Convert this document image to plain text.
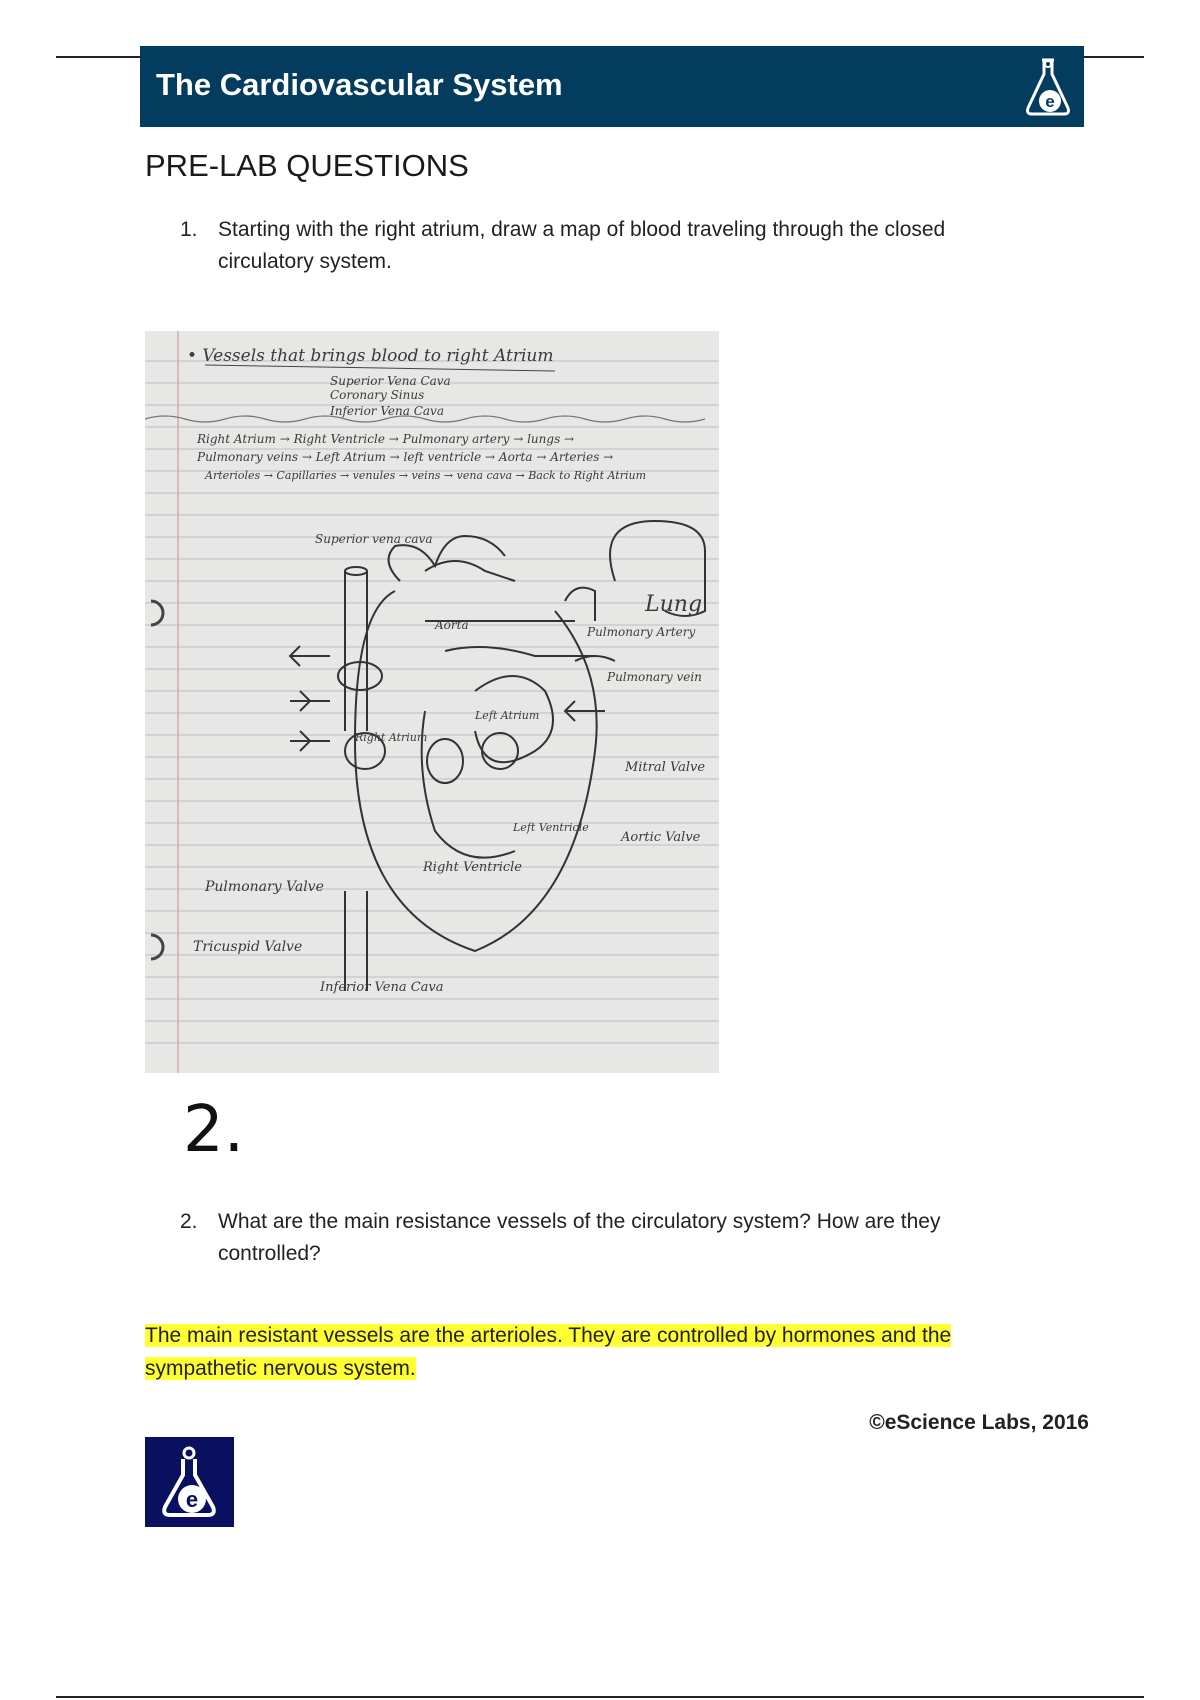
The Cardiovascular System	e
PRE-LAB QUESTIONS
1. Starting with the right atrium, draw a map of blood traveling through the closed circulatory system.
• Vessels that brings blood to right Atrium
Superior Vena Cava
Coronary Sinus
Inferior Vena Cava
Right Atrium → Right Ventricle → Pulmonary artery → lungs →
Pulmonary veins → Left Atrium → left ventricle → Aorta → Arteries →
Arterioles → Capillaries → venules → veins → vena cava → Back to Right Atrium
Superior vena cava
Aorta
Lung
Pulmonary Artery
Pulmonary vein
Left Atrium
Right Atrium
Mitral Valve
Left Ventricle
Right Ventricle
Aortic Valve
Pulmonary Valve
Tricuspid Valve
Inferior Vena Cava
2.
2. What are the main resistance vessels of the circulatory system? How are they controlled?
The main resistant vessels are the arterioles. They are controlled by hormones and the sympathetic nervous system.
©eScience Labs, 2016
e
